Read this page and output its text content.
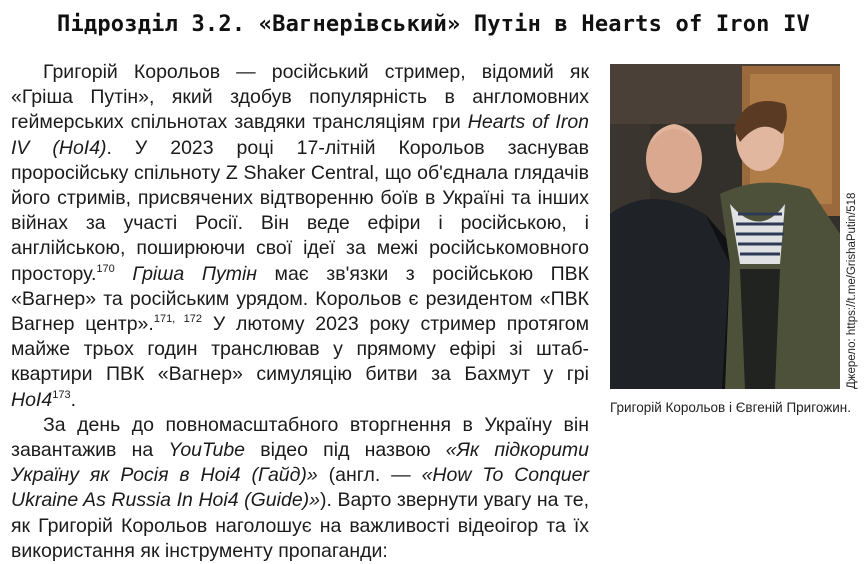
Підрозділ 3.2. «Вагнерівський» Путін в Hearts of Iron IV

Григорій Корольов — російський стример, відомий як «Гріша Путін», який здобув популярність в англомовних геймерських спільнотах завдяки трансляціям гри Hearts of Iron IV (HoI4). У 2023 році 17-літній Корольов заснував проросійську спільноту Z Shaker Central, що об'єднала глядачів його стримів, присвячених відтворенню боїв в Україні та інших війнах за участі Росії. Він веде ефіри і російською, і англійською, поширюючи свої ідеї за межі російськомовного простору.$^{170}$ Гріша Путін має зв'язки з російською ПВК «Вагнер» та російським урядом. Корольов є резидентом «ПВК Вагнер центр».$^{171, 172}$ У лютому 2023 року стример протягом майже трьох годин транслював у прямому ефірі зі штаб-квартири ПВК «Вагнер» симуляцію битви за Бахмут у грі $HoI4^{173}$.

За день до повномасштабного вторгнення в Україну він завантажив на YouTube відео під назвою «Як підкорити Україну як Росія в Hoi4 (Гайд)» (англ. — «How To Conquer Ukraine As Russia In Hoi4 (Guide)»). Варто звернути увагу на те, як Григорій Корольов наголошує на важливості відеоігор та їх використання як інструменту пропаганди:

Джерело: https://t.me/GrishaPutin/518
Григорій Корольов і Євгеній Пригожин.
